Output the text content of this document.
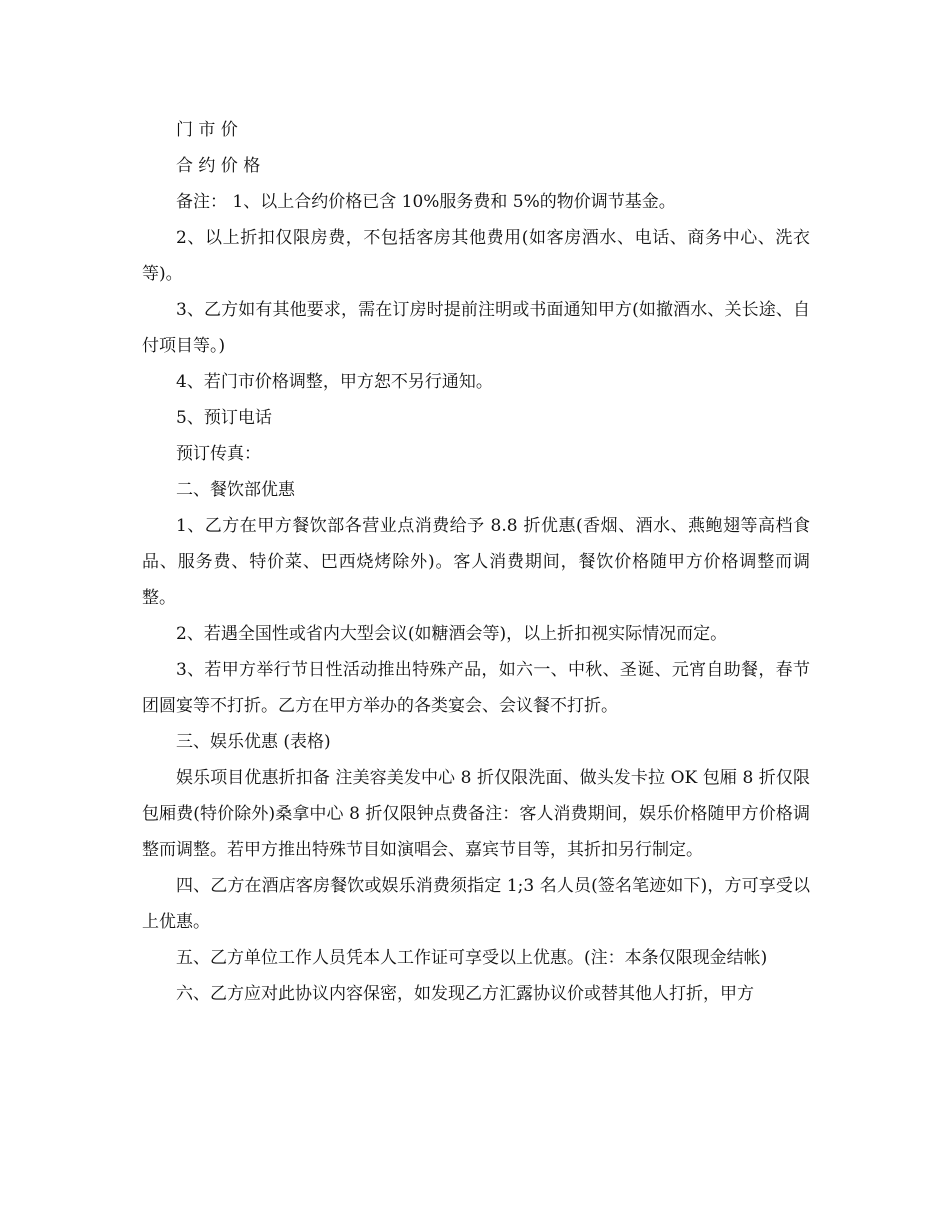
门 市 价

合 约 价 格

备注： 1、以上合约价格已含 10%服务费和 5%的物价调节基金。

2、以上折扣仅限房费，不包括客房其他费用(如客房酒水、电话、商务中心、洗衣等)。

3、乙方如有其他要求，需在订房时提前注明或书面通知甲方(如撤酒水、关长途、自付项目等。)

4、若门市价格调整，甲方恕不另行通知。

5、预订电话

预订传真：

二、餐饮部优惠

1、乙方在甲方餐饮部各营业点消费给予 8.8 折优惠(香烟、酒水、燕鲍翅等高档食品、服务费、特价菜、巴西烧烤除外)。客人消费期间，餐饮价格随甲方价格调整而调整。

2、若遇全国性或省内大型会议(如糖酒会等)，以上折扣视实际情况而定。

3、若甲方举行节日性活动推出特殊产品，如六一、中秋、圣诞、元宵自助餐，春节团圆宴等不打折。乙方在甲方举办的各类宴会、会议餐不打折。

三、娱乐优惠 (表格)

娱乐项目优惠折扣备 注美容美发中心 8 折仅限洗面、做头发卡拉 OK 包厢 8 折仅限包厢费(特价除外)桑拿中心 8 折仅限钟点费备注：客人消费期间，娱乐价格随甲方价格调整而调整。若甲方推出特殊节目如演唱会、嘉宾节目等，其折扣另行制定。

四、乙方在酒店客房餐饮或娱乐消费须指定 1;3 名人员(签名笔迹如下)，方可享受以上优惠。

五、乙方单位工作人员凭本人工作证可享受以上优惠。(注：本条仅限现金结帐)

六、乙方应对此协议内容保密，如发现乙方汇露协议价或替其他人打折，甲方
